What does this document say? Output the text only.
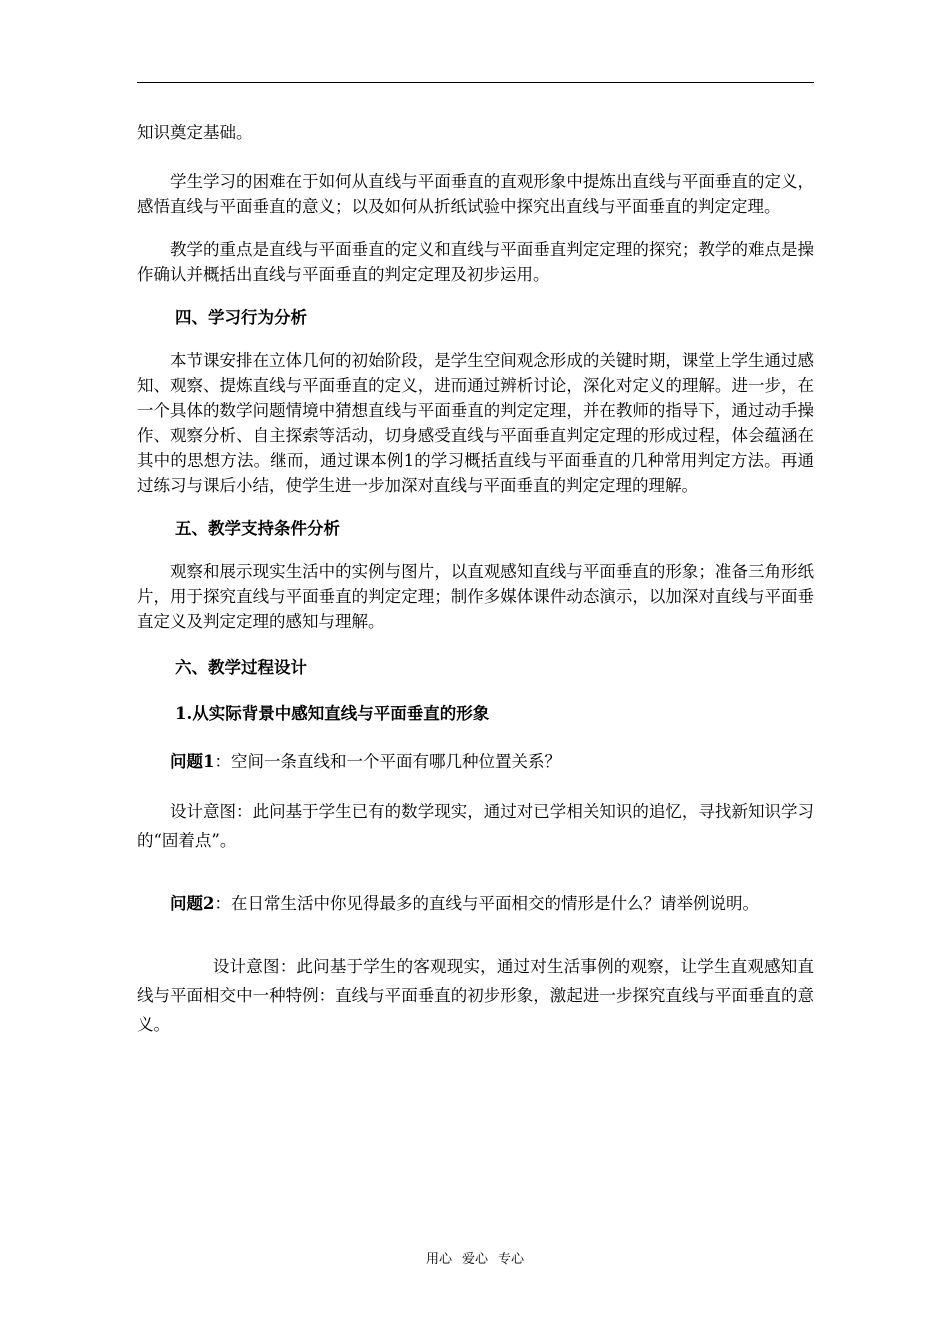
知识奠定基础。

学生学习的困难在于如何从直线与平面垂直的直观形象中提炼出直线与平面垂直的定义，感悟直线与平面垂直的意义；以及如何从折纸试验中探究出直线与平面垂直的判定定理。

教学的重点是直线与平面垂直的定义和直线与平面垂直判定定理的探究；教学的难点是操作确认并概括出直线与平面垂直的判定定理及初步运用。

四、学习行为分析

本节课安排在立体几何的初始阶段，是学生空间观念形成的关键时期，课堂上学生通过感知、观察、提炼直线与平面垂直的定义，进而通过辨析讨论，深化对定义的理解。进一步，在一个具体的数学问题情境中猜想直线与平面垂直的判定定理，并在教师的指导下，通过动手操作、观察分析、自主探索等活动，切身感受直线与平面垂直判定定理的形成过程，体会蕴涵在其中的思想方法。继而，通过课本例1的学习概括直线与平面垂直的几种常用判定方法。再通过练习与课后小结，使学生进一步加深对直线与平面垂直的判定定理的理解。

五、教学支持条件分析

观察和展示现实生活中的实例与图片，以直观感知直线与平面垂直的形象；准备三角形纸片，用于探究直线与平面垂直的判定定理；制作多媒体课件动态演示，以加深对直线与平面垂直定义及判定定理的感知与理解。

六、教学过程设计

1.从实际背景中感知直线与平面垂直的形象

问题1：空间一条直线和一个平面有哪几种位置关系？

设计意图：此问基于学生已有的数学现实，通过对已学相关知识的追忆，寻找新知识学习的“固着点”。

问题2：在日常生活中你见得最多的直线与平面相交的情形是什么？请举例说明。

设计意图：此问基于学生的客观现实，通过对生活事例的观察，让学生直观感知直线与平面相交中一种特例：直线与平面垂直的初步形象，激起进一步探究直线与平面垂直的意义。

用心 爱心 专心
